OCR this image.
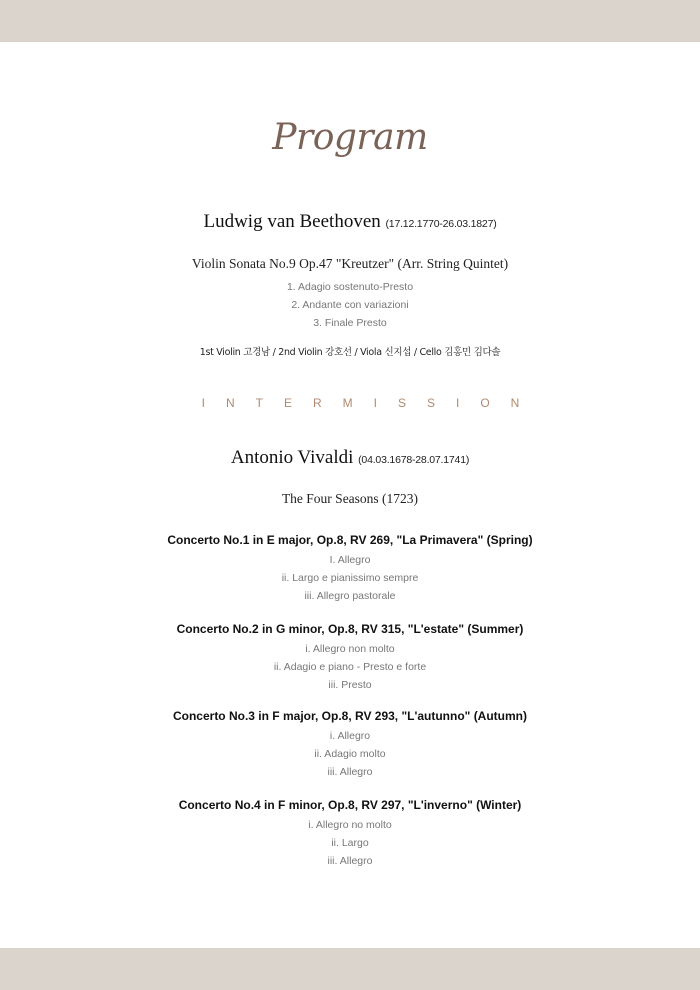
Program
Ludwig van Beethoven (17.12.1770-26.03.1827)
Violin Sonata No.9 Op.47 "Kreutzer" (Arr. String Quintet)
1. Adagio sostenuto-Presto
2. Andante con variazioni
3. Finale Presto
1st Violin 고경남 / 2nd Violin 강호선 / Viola 신지섭 / Cello 김홍민 김다솔
INTERMISSION
Antonio Vivaldi (04.03.1678-28.07.1741)
The Four Seasons (1723)
Concerto No.1 in E major, Op.8, RV 269, "La Primavera" (Spring)
I. Allegro
ii. Largo e pianissimo sempre
iii. Allegro pastorale
Concerto No.2 in G minor, Op.8, RV 315, "L'estate" (Summer)
i. Allegro non molto
ii. Adagio e piano - Presto e forte
iii. Presto
Concerto No.3 in F major, Op.8, RV 293, "L'autunno" (Autumn)
i. Allegro
ii. Adagio molto
iii. Allegro
Concerto No.4 in F minor, Op.8, RV 297, "L'inverno" (Winter)
i. Allegro no molto
ii. Largo
iii. Allegro
